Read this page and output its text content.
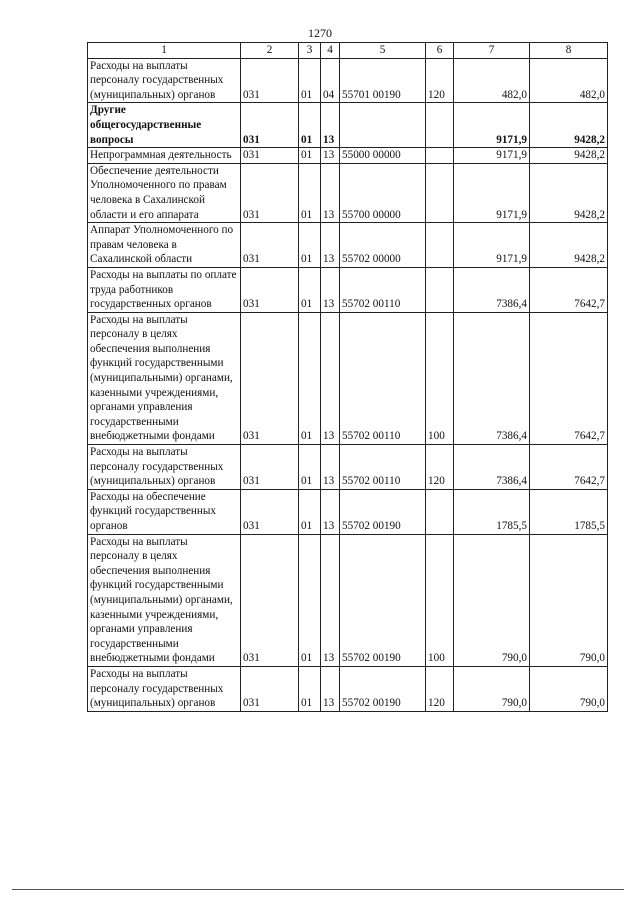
1270
1	2	3	4	5	6	7	8
Расходы на выплаты персоналу государственных (муниципальных) органов	031	01	04	55701 00190	120	482,0	482,0
Другие общегосударственные вопросы	031	01	13			9171,9	9428,2
Непрограммная деятельность	031	01	13	55000 00000		9171,9	9428,2
Обеспечение деятельности Уполномоченного по правам человека в Сахалинской области и его аппарата	031	01	13	55700 00000		9171,9	9428,2
Аппарат Уполномоченного по правам человека в Сахалинской области	031	01	13	55702 00000		9171,9	9428,2
Расходы на выплаты по оплате труда работников государственных органов	031	01	13	55702 00110		7386,4	7642,7
Расходы на выплаты персоналу в целях обеспечения выполнения функций государственными (муниципальными) органами, казенными учреждениями, органами управления государственными внебюджетными фондами	031	01	13	55702 00110	100	7386,4	7642,7
Расходы на выплаты персоналу государственных (муниципальных) органов	031	01	13	55702 00110	120	7386,4	7642,7
Расходы на обеспечение функций государственных органов	031	01	13	55702 00190		1785,5	1785,5
Расходы на выплаты персоналу в целях обеспечения выполнения функций государственными (муниципальными) органами, казенными учреждениями, органами управления государственными внебюджетными фондами	031	01	13	55702 00190	100	790,0	790,0
Расходы на выплаты персоналу государственных (муниципальных) органов	031	01	13	55702 00190	120	790,0	790,0
